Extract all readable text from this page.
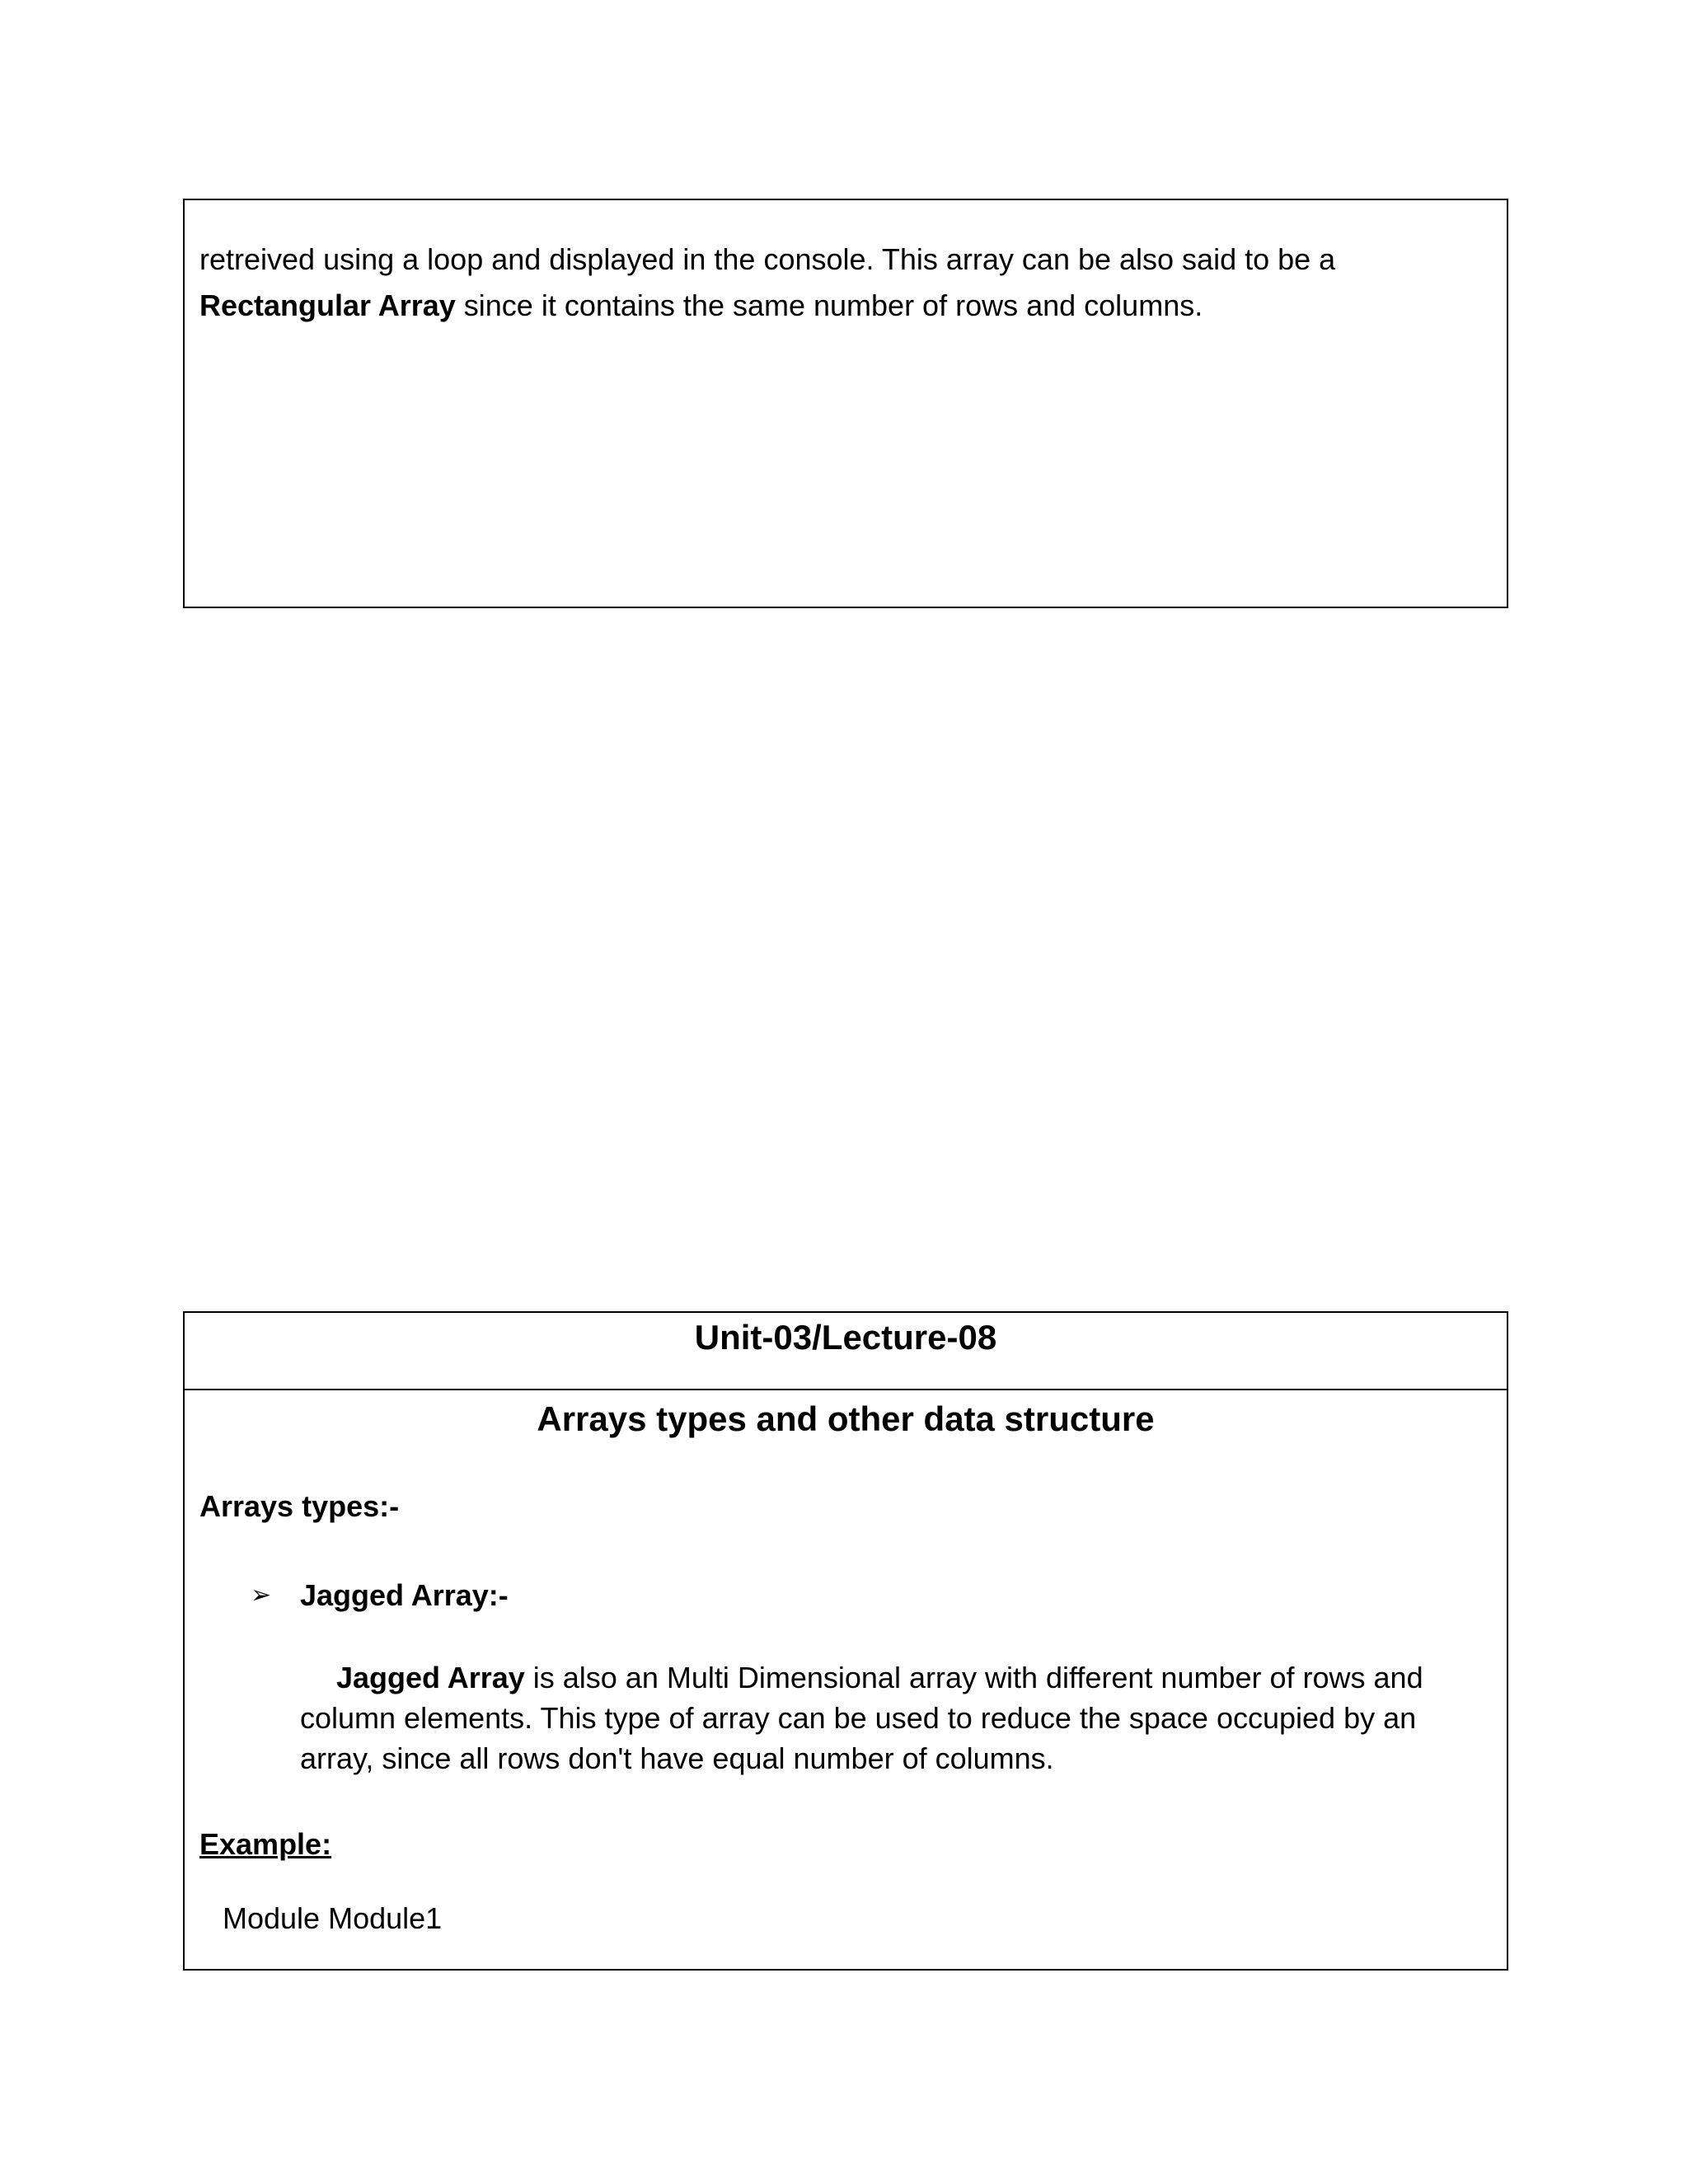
retreived using a loop and displayed in the console. This array can be also said to be a
Rectangular Array since it contains the same number of rows and columns.
Unit-03/Lecture-08
Arrays types and other data structure
Arrays types:-
➢ Jagged Array:-
Jagged Array is also an Multi Dimensional array with different number of rows and column elements. This type of array can be used to reduce the space occupied by an array, since all rows don't have equal number of columns.
Example:
Module Module1
